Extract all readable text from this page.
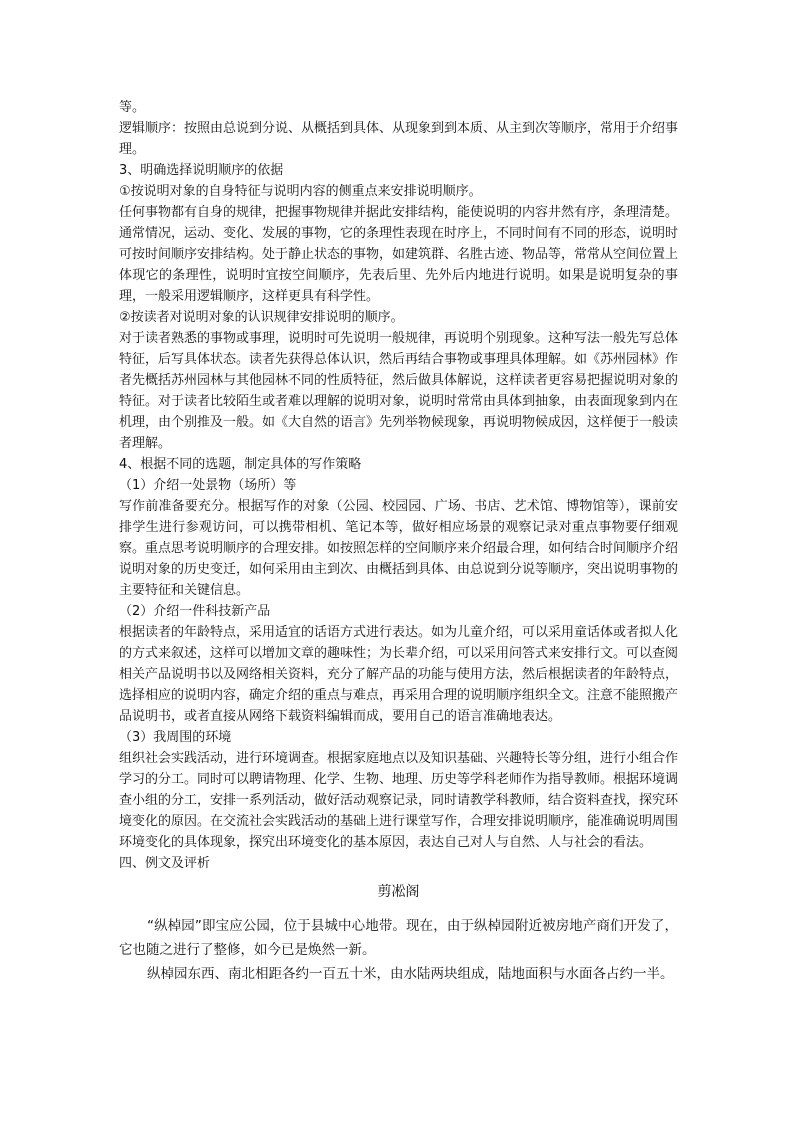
等。

逻辑顺序：按照由总说到分说、从概括到具体、从现象到到本质、从主到次等顺序，常用于介绍事理。

3、明确选择说明顺序的依据

①按说明对象的自身特征与说明内容的侧重点来安排说明顺序。

任何事物都有自身的规律，把握事物规律并据此安排结构，能使说明的内容井然有序，条理清楚。通常情况，运动、变化、发展的事物，它的条理性表现在时序上，不同时间有不同的形态，说明时可按时间顺序安排结构。处于静止状态的事物，如建筑群、名胜古迹、物品等，常常从空间位置上体现它的条理性，说明时宜按空间顺序，先表后里、先外后内地进行说明。如果是说明复杂的事理，一般采用逻辑顺序，这样更具有科学性。

②按读者对说明对象的认识规律安排说明的顺序。

对于读者熟悉的事物或事理，说明时可先说明一般规律，再说明个别现象。这种写法一般先写总体特征，后写具体状态。读者先获得总体认识，然后再结合事物或事理具体理解。如《苏州园林》作者先概括苏州园林与其他园林不同的性质特征，然后做具体解说，这样读者更容易把握说明对象的特征。对于读者比较陌生或者难以理解的说明对象，说明时常常由具体到抽象，由表面现象到内在机理，由个别推及一般。如《大自然的语言》先列举物候现象，再说明物候成因，这样便于一般读者理解。

4、根据不同的选题，制定具体的写作策略

（1）介绍一处景物（场所）等

写作前准备要充分。根据写作的对象（公园、校园园、广场、书店、艺术馆、博物馆等），课前安排学生进行参观访问，可以携带相机、笔记本等，做好相应场景的观察记录对重点事物要仔细观察。重点思考说明顺序的合理安排。如按照怎样的空间顺序来介绍最合理，如何结合时间顺序介绍说明对象的历史变迁，如何采用由主到次、由概括到具体、由总说到分说等顺序，突出说明事物的主要特征和关键信息。

（2）介绍一件科技新产品

根据读者的年龄特点，采用适宜的话语方式进行表达。如为儿童介绍，可以采用童话体或者拟人化的方式来叙述，这样可以增加文章的趣味性；为长辈介绍，可以采用问答式来安排行文。可以查阅相关产品说明书以及网络相关资料，充分了解产品的功能与使用方法，然后根据读者的年龄特点，选择相应的说明内容，确定介绍的重点与难点，再采用合理的说明顺序组织全文。注意不能照搬产品说明书，或者直接从网络下载资料编辑而成，要用自己的语言准确地表达。

（3）我周围的环境

组织社会实践活动，进行环境调查。根据家庭地点以及知识基础、兴趣特长等分组，进行小组合作学习的分工。同时可以聘请物理、化学、生物、地理、历史等学科老师作为指导教师。根据环境调查小组的分工，安排一系列活动，做好活动观察记录，同时请教学科教师，结合资料查找，探究环境变化的原因。在交流社会实践活动的基础上进行课堂写作，合理安排说明顺序，能准确说明周围环境变化的具体现象，探究出环境变化的基本原因，表达自己对人与自然、人与社会的看法。

四、例文及评析

剪凇阁

“纵棹园”即宝应公园，位于县城中心地带。现在，由于纵棹园附近被房地产商们开发了，它也随之进行了整修，如今已是焕然一新。

纵棹园东西、南北相距各约一百五十米，由水陆两块组成，陆地面积与水面各占约一半。
